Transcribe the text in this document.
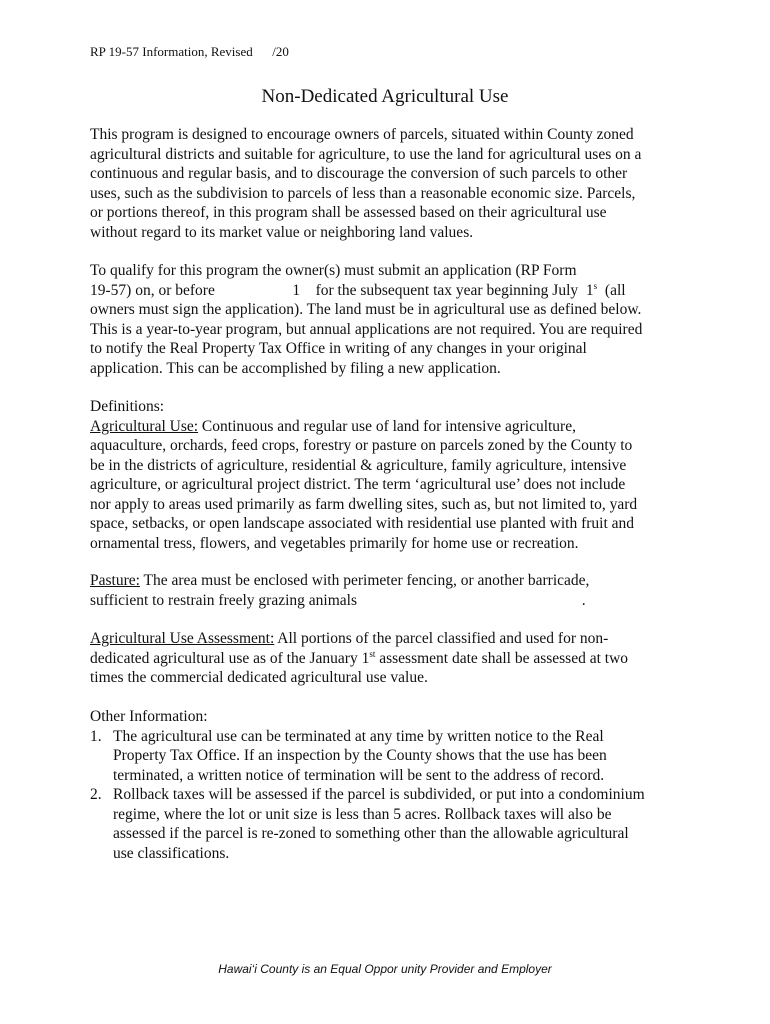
RP 19-57 Information, Revised      /20
Non-Dedicated Agricultural Use
This program is designed to encourage owners of parcels, situated within County zoned
agricultural districts and suitable for agriculture, to use the land for agricultural uses on a
continuous and regular basis, and to discourage the conversion of such parcels to other
uses, such as the subdivision to parcels of less than a reasonable economic size. Parcels,
or portions thereof, in this program shall be assessed based on their agricultural use
without regard to its market value or neighboring land values.
To qualify for this program the owner(s) must submit an application (RP Form
19-57) on, or before                    1    for the subsequent tax year beginning July  1$^s$  (all
owners must sign the application). The land must be in agricultural use as defined below.
This is a year-to-year program, but annual applications are not required. You are required
to notify the Real Property Tax Office in writing of any changes in your original
application. This can be accomplished by filing a new application.
Definitions:
Agricultural Use: Continuous and regular use of land for intensive agriculture,
aquaculture, orchards, feed crops, forestry or pasture on parcels zoned by the County to
be in the districts of agriculture, residential & agriculture, family agriculture, intensive
agriculture, or agricultural project district. The term ‘agricultural use’ does not include
nor apply to areas used primarily as farm dwelling sites, such as, but not limited to, yard
space, setbacks, or open landscape associated with residential use planted with fruit and
ornamental tress, flowers, and vegetables primarily for home use or recreation.
Pasture: The area must be enclosed with perimeter fencing, or another barricade,
sufficient to restrain freely grazing animals                                                          .
Agricultural Use Assessment: All portions of the parcel classified and used for non-
dedicated agricultural use as of the January 1st assessment date shall be assessed at two
times the commercial dedicated agricultural use value.
Other Information:
1. The agricultural use can be terminated at any time by written notice to the Real
Property Tax Office. If an inspection by the County shows that the use has been
terminated, a written notice of termination will be sent to the address of record.
2. Rollback taxes will be assessed if the parcel is subdivided, or put into a condominium
regime, where the lot or unit size is less than 5 acres. Rollback taxes will also be
assessed if the parcel is re-zoned to something other than the allowable agricultural
use classifications.
Hawai‘i County is an Equal Oppor unity Provider and Employer
